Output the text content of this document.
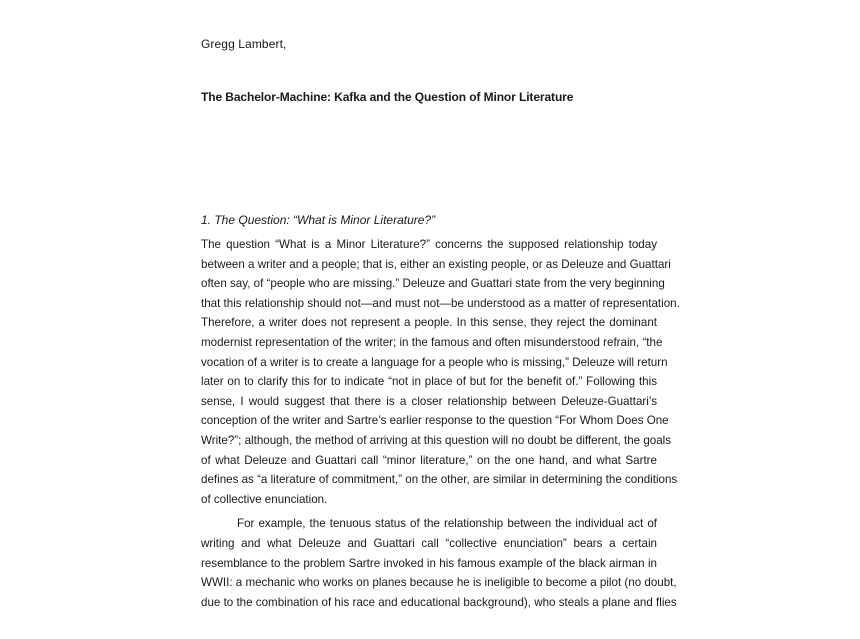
Gregg Lambert,
The Bachelor-Machine: Kafka and the Question of Minor Literature
1. The Question: “What is Minor Literature?”
The question “What is a Minor Literature?” concerns the supposed relationship today
between a writer and a people; that is, either an existing people, or as Deleuze and Guattari
often say, of “people who are missing.” Deleuze and Guattari state from the very beginning
that this relationship should not—and must not—be understood as a matter of representation.
Therefore, a writer does not represent a people. In this sense, they reject the dominant
modernist representation of the writer; in the famous and often misunderstood refrain, “the
vocation of a writer is to create a language for a people who is missing,” Deleuze will return
later on to clarify this for to indicate “not in place of but for the benefit of.” Following this
sense, I would suggest that there is a closer relationship between Deleuze-Guattari’s
conception of the writer and Sartre’s earlier response to the question “For Whom Does One
Write?”; although, the method of arriving at this question will no doubt be different, the goals
of what Deleuze and Guattari call “minor literature,” on the one hand, and what Sartre
defines as “a literature of commitment,” on the other, are similar in determining the conditions
of collective enunciation.
For example, the tenuous status of the relationship between the individual act of
writing and what Deleuze and Guattari call “collective enunciation” bears a certain
resemblance to the problem Sartre invoked in his famous example of the black airman in
WWII: a mechanic who works on planes because he is ineligible to become a pilot (no doubt,
due to the combination of his race and educational background), who steals a plane and flies
